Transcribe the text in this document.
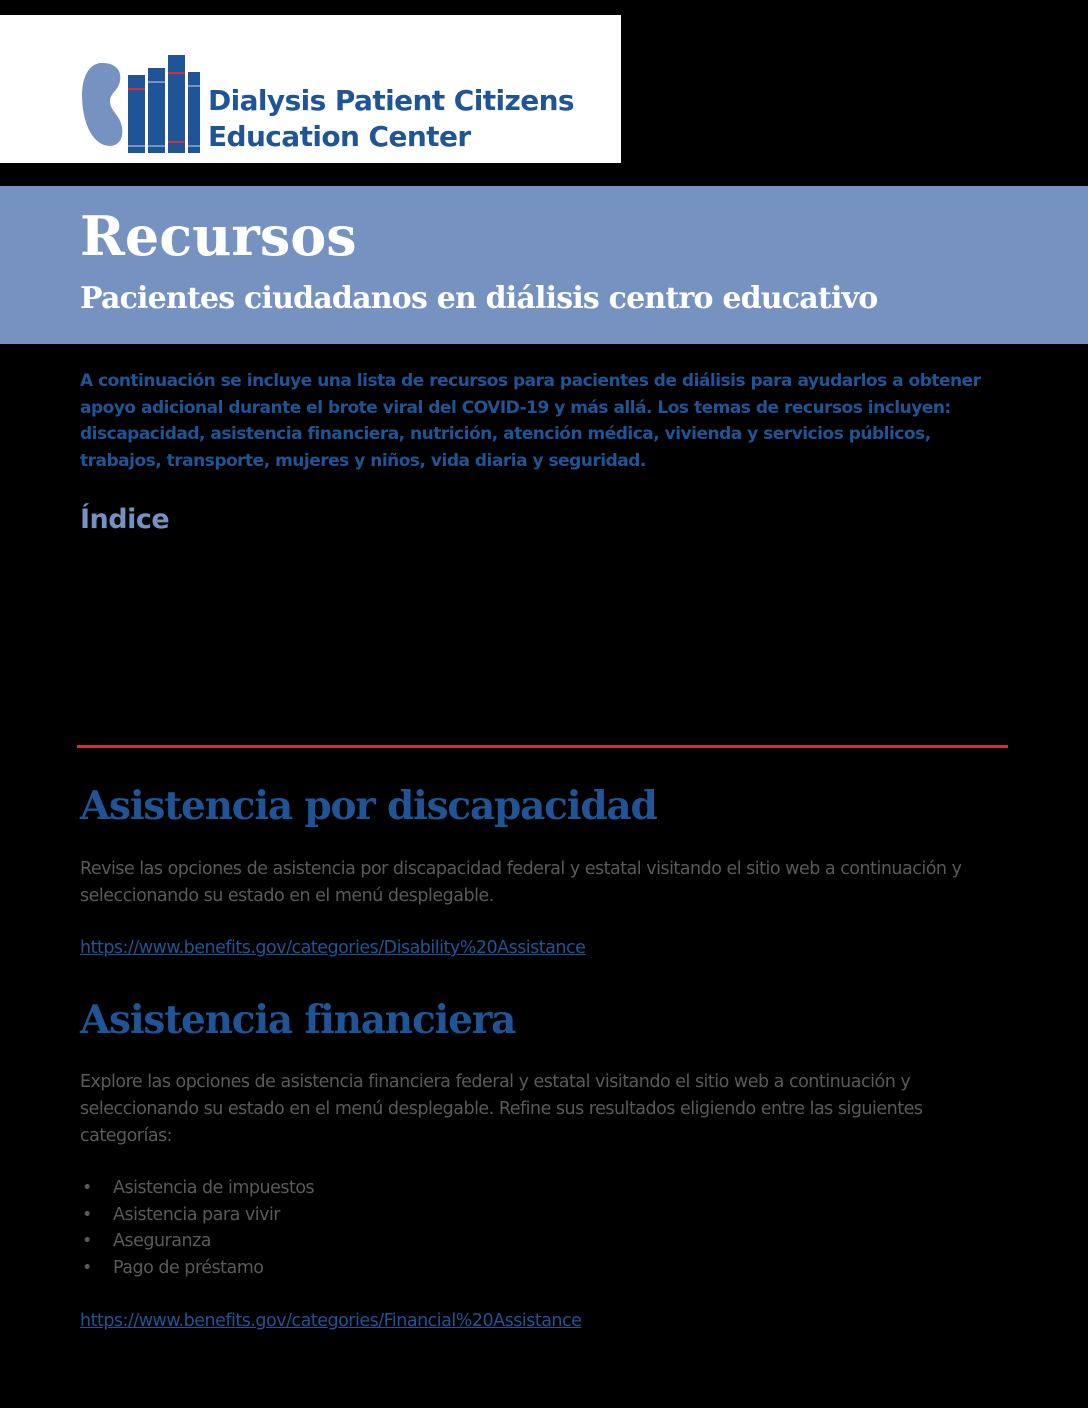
Dialysis Patient Citizens
Education Center
Recursos
Pacientes ciudadanos en diálisis centro educativo

A continuación se incluye una lista de recursos para pacientes de diálisis para ayudarlos a obtener apoyo adicional durante el brote viral del COVID-19 y más allá. Los temas de recursos incluyen: discapacidad, asistencia financiera, nutrición, atención médica, vivienda y servicios públicos, trabajos, transporte, mujeres y niños, vida diaria y seguridad.

Índice
Asistencia por discapacidad

Revise las opciones de asistencia por discapacidad federal y estatal visitando el sitio web a continuación y seleccionando su estado en el menú desplegable.

https://www.benefits.gov/categories/Disability%20Assistance
Asistencia financiera

Explore las opciones de asistencia financiera federal y estatal visitando el sitio web a continuación y seleccionando su estado en el menú desplegable. Refine sus resultados eligiendo entre las siguientes categorías:

• Asistencia de impuestos
• Asistencia para vivir
• Aseguranza
• Pago de préstamo
https://www.benefits.gov/categories/Financial%20Assistance
